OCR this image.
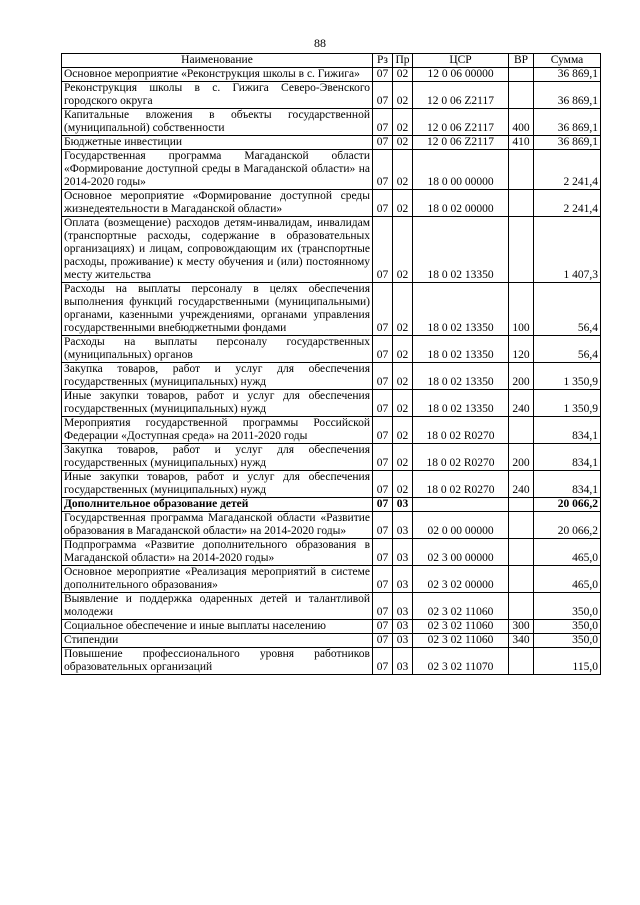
88
Наименование	Рз	Пр	ЦСР	ВР	Сумма
Основное мероприятие «Реконструкция школы в с. Гижига»	07	02	12 0 06 00000		36 869,1
Реконструкция школы в с. Гижига Северо-Эвенского городского округа	07	02	12 0 06 Z2117		36 869,1
Капитальные вложения в объекты государственной (муниципальной) собственности	07	02	12 0 06 Z2117	400	36 869,1
Бюджетные инвестиции	07	02	12 0 06 Z2117	410	36 869,1
Государственная программа Магаданской области «Формирование доступной среды в Магаданской области» на 2014-2020 годы»	07	02	18 0 00 00000		2 241,4
Основное мероприятие «Формирование доступной среды жизнедеятельности в Магаданской области»	07	02	18 0 02 00000		2 241,4
Оплата (возмещение) расходов детям-инвалидам, инвалидам (транспортные расходы, содержание в образовательных организациях) и лицам, сопровождающим их (транспортные расходы, проживание) к месту обучения и (или) постоянному месту жительства	07	02	18 0 02 13350		1 407,3
Расходы на выплаты персоналу в целях обеспечения выполнения функций государственными (муниципальными) органами, казенными учреждениями, органами управления государственными внебюджетными фондами	07	02	18 0 02 13350	100	56,4
Расходы на выплаты персоналу государственных (муниципальных) органов	07	02	18 0 02 13350	120	56,4
Закупка товаров, работ и услуг для обеспечения государственных (муниципальных) нужд	07	02	18 0 02 13350	200	1 350,9
Иные закупки товаров, работ и услуг для обеспечения государственных (муниципальных) нужд	07	02	18 0 02 13350	240	1 350,9
Мероприятия государственной программы Российской Федерации «Доступная среда» на 2011-2020 годы	07	02	18 0 02 R0270		834,1
Закупка товаров, работ и услуг для обеспечения государственных (муниципальных) нужд	07	02	18 0 02 R0270	200	834,1
Иные закупки товаров, работ и услуг для обеспечения государственных (муниципальных) нужд	07	02	18 0 02 R0270	240	834,1
Дополнительное образование детей	07	03			20 066,2
Государственная программа Магаданской области «Развитие образования в Магаданской области» на 2014-2020 годы»	07	03	02 0 00 00000		20 066,2
Подпрограмма «Развитие дополнительного образования в Магаданской области» на 2014-2020 годы»	07	03	02 3 00 00000		465,0
Основное мероприятие «Реализация мероприятий в системе дополнительного образования»	07	03	02 3 02 00000		465,0
Выявление и поддержка одаренных детей и талантливой молодежи	07	03	02 3 02 11060		350,0
Социальное обеспечение и иные выплаты населению	07	03	02 3 02 11060	300	350,0
Стипендии	07	03	02 3 02 11060	340	350,0
Повышение профессионального уровня работников образовательных организаций	07	03	02 3 02 11070		115,0
